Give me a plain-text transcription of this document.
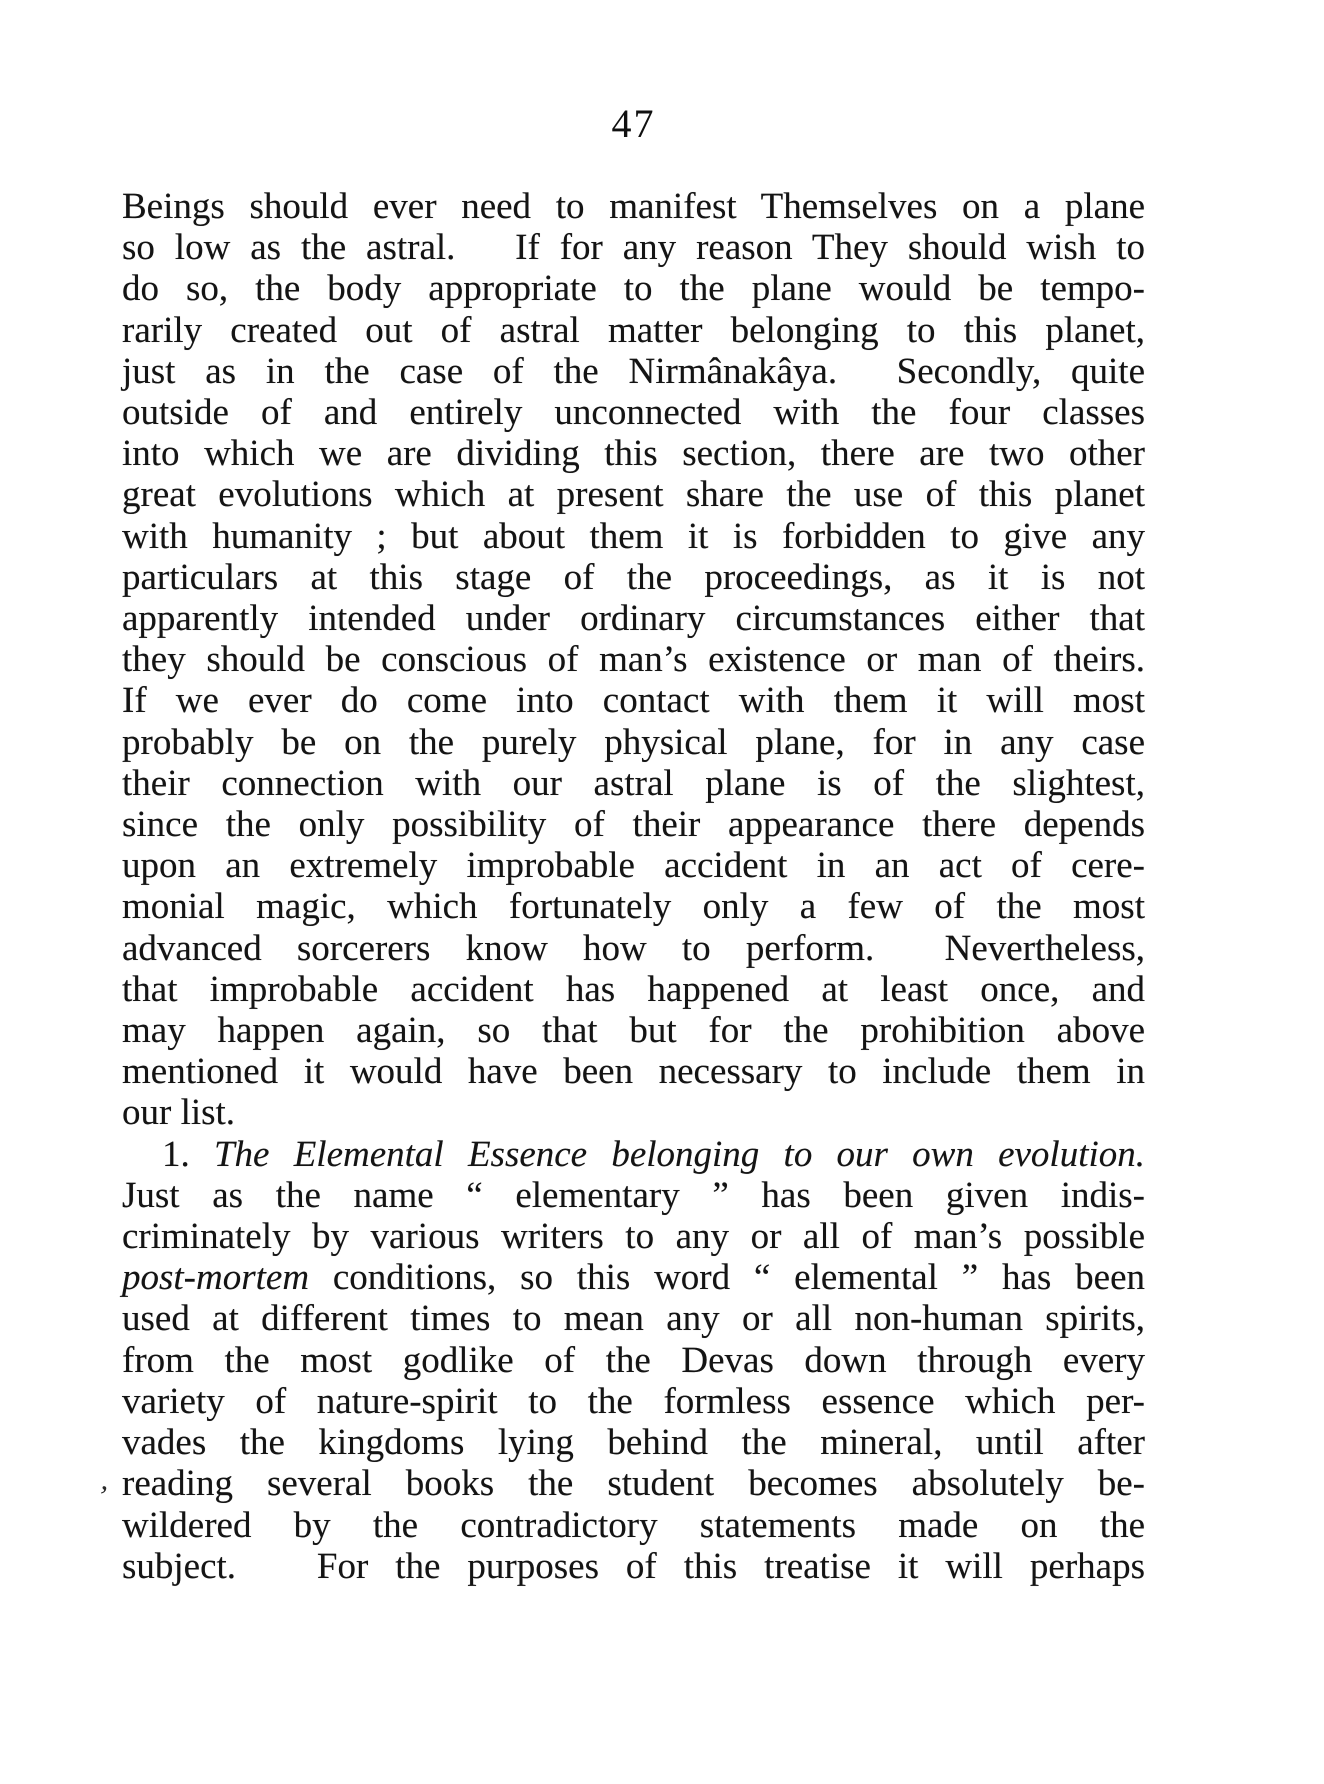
47
Beings should ever need to manifest Themselves on a plane
so low as the astral.   If for any reason They should wish to
do so, the body appropriate to the plane would be tempo-
rarily created out of astral matter belonging to this planet,
just as in the case of the Nirmânakâya.  Secondly, quite
outside of and entirely unconnected with the four classes
into which we are dividing this section, there are two other
great evolutions which at present share the use of this planet
with humanity ; but about them it is forbidden to give any
particulars at this stage of the proceedings, as it is not
apparently intended under ordinary circumstances either that
they should be conscious of man’s existence or man of theirs.
If we ever do come into contact with them it will most
probably be on the purely physical plane, for in any case
their connection with our astral plane is of the slightest,
since the only possibility of their appearance there depends
upon an extremely improbable accident in an act of cere-
monial magic, which fortunately only a few of the most
advanced sorcerers know how to perform.  Nevertheless,
that improbable accident has happened at least once, and
may happen again, so that but for the prohibition above
mentioned it would have been necessary to include them in
our list.
1. The Elemental Essence belonging to our own evolution.
Just as the name “ elementary ” has been given indis-
criminately by various writers to any or all of man’s possible
post-mortem conditions, so this word “ elemental ” has been
used at different times to mean any or all non-human spirits,
from the most godlike of the Devas down through every
variety of nature-spirit to the formless essence which per-
vades the kingdoms lying behind the mineral, until after
reading several books the student becomes absolutely be-
wildered by the contradictory statements made on the
subject.   For the purposes of this treatise it will perhaps
’
